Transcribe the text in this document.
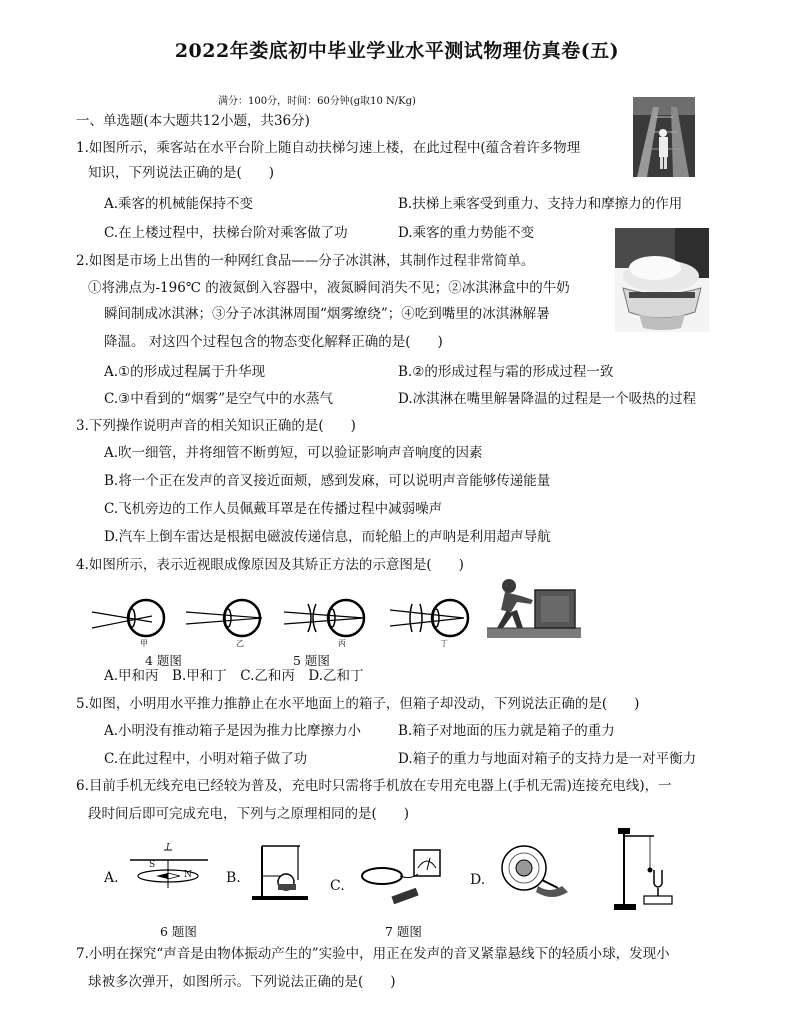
2022年娄底初中毕业学业水平测试物理仿真卷(五)
满分：100分，时间：60分钟(g取10 N/Kg)
一、单选题(本大题共12小题，共36分)
1.如图所示，乘客站在水平台阶上随自动扶梯匀速上楼，在此过程中(蕴含着许多物理
知识，下列说法正确的是(　　)
A.乘客的机械能保持不变	B.扶梯上乘客受到重力、支持力和摩擦力的作用
C.在上楼过程中，扶梯台阶对乘客做了功	D.乘客的重力势能不变
2.如图是市场上出售的一种网红食品——分子冰淇淋，其制作过程非常简单。
①将沸点为-196℃ 的液氮倒入容器中，液氮瞬间消失不见；②冰淇淋盒中的牛奶
瞬间制成冰淇淋；③分子冰淇淋周围“烟雾缭绕”；④吃到嘴里的冰淇淋解暑
降温。 对这四个过程包含的物态变化解释正确的是(　　)
A.①的形成过程属于升华现	B.②的形成过程与霜的形成过程一致
C.③中看到的“烟雾”是空气中的水蒸气	D.冰淇淋在嘴里解暑降温的过程是一个吸热的过程
3.下列操作说明声音的相关知识正确的是(　　)
A.吹一细管，并将细管不断剪短，可以验证影响声音响度的因素
B.将一个正在发声的音叉接近面颊，感到发麻，可以说明声音能够传递能量
C.飞机旁边的工作人员佩戴耳罩是在传播过程中减弱噪声
D.汽车上倒车雷达是根据电磁波传递信息，而轮船上的声呐是利用超声导航
4.如图所示，表示近视眼成像原因及其矫正方法的示意图是(　　)
甲	乙	丙	丁
4 题图	5 题图
A.甲和丙　B.甲和丁　C.乙和丙　D.乙和丁
5.如图，小明用水平推力推静止在水平地面上的箱子，但箱子却没动，下列说法正确的是(　　)
A.小明没有推动箱子是因为推力比摩擦力小	B.箱子对地面的压力就是箱子的重力
C.在此过程中，小明对箱子做了功	D.箱子的重力与地面对箱子的支持力是一对平衡力
6.目前手机无线充电已经较为普及，充电时只需将手机放在专用充电器上(手机无需)连接充电线)，一
段时间后即可完成充电，下列与之原理相同的是(　　)
A.
S
N
I
B.	C.	D.
6 题图	7 题图
7.小明在探究“声音是由物体振动产生的”实验中，用正在发声的音叉紧靠悬线下的轻质小球，发现小
球被多次弹开，如图所示。下列说法正确的是(　　)
